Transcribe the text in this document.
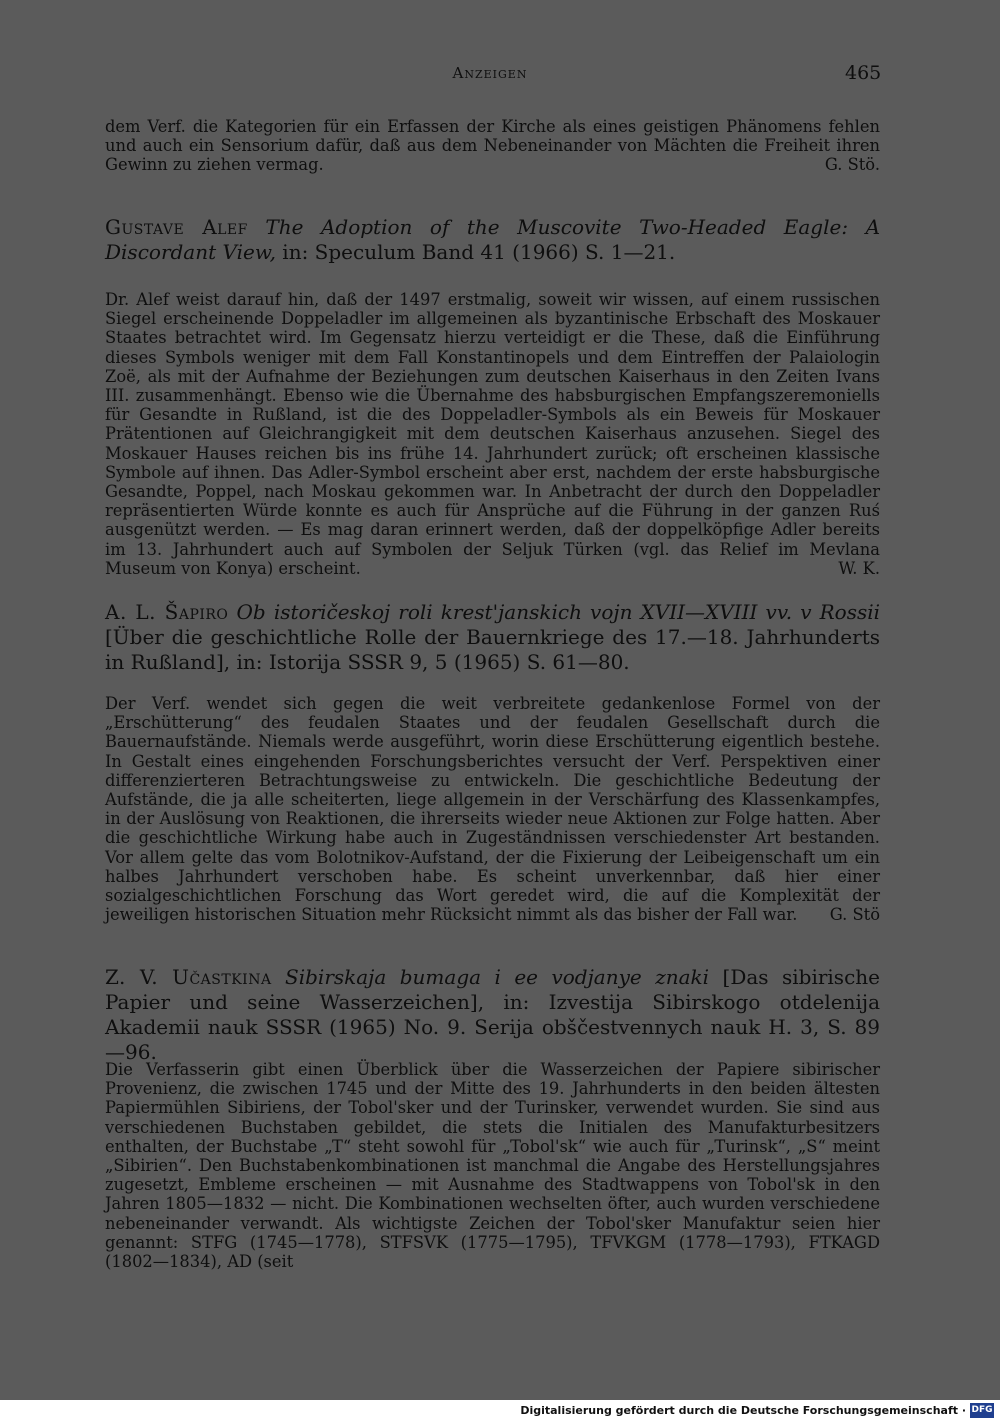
Anzeigen	465
dem Verf. die Kategorien für ein Erfassen der Kirche als eines geistigen Phänomens fehlen und auch ein Sensorium dafür, daß aus dem Nebeneinander von Mächten die Freiheit ihren Gewinn zu ziehen vermag.	G. Stö.
Gustave Alef The Adoption of the Muscovite Two-Headed Eagle: A Discordant View, in: Speculum Band 41 (1966) S. 1—21.
Dr. Alef weist darauf hin, daß der 1497 erstmalig, soweit wir wissen, auf einem russischen Siegel erscheinende Doppeladler im allgemeinen als byzantinische Erbschaft des Moskauer Staates betrachtet wird. Im Gegensatz hierzu verteidigt er die These, daß die Einführung dieses Symbols weniger mit dem Fall Konstantinopels und dem Eintreffen der Palaiologin Zoë, als mit der Aufnahme der Beziehungen zum deutschen Kaiserhaus in den Zeiten Ivans III. zusammenhängt. Ebenso wie die Übernahme des habsburgischen Empfangszeremoniells für Gesandte in Rußland, ist die des Doppeladler-Symbols als ein Beweis für Moskauer Prätentionen auf Gleichrangigkeit mit dem deutschen Kaiserhaus anzusehen. Siegel des Moskauer Hauses reichen bis ins frühe 14. Jahrhundert zurück; oft erscheinen klassische Symbole auf ihnen. Das Adler-Symbol erscheint aber erst, nachdem der erste habsburgische Gesandte, Poppel, nach Moskau gekommen war. In Anbetracht der durch den Doppeladler repräsentierten Würde konnte es auch für Ansprüche auf die Führung in der ganzen Ruś ausgenützt werden. — Es mag daran erinnert werden, daß der doppelköpfige Adler bereits im 13. Jahrhundert auch auf Symbolen der Seljuk Türken (vgl. das Relief im Mevlana Museum von Konya) erscheint.	W. K.
A. L. Šapiro Ob istoričeskoj roli krest'janskich vojn XVII—XVIII vv. v Rossii [Über die geschichtliche Rolle der Bauernkriege des 17.—18. Jahrhunderts in Rußland], in: Istorija SSSR 9, 5 (1965) S. 61—80.
Der Verf. wendet sich gegen die weit verbreitete gedankenlose Formel von der „Erschütterung“ des feudalen Staates und der feudalen Gesellschaft durch die Bauernaufstände. Niemals werde ausgeführt, worin diese Erschütterung eigentlich bestehe. In Gestalt eines eingehenden Forschungsberichtes versucht der Verf. Perspektiven einer differenzierteren Betrachtungsweise zu entwickeln. Die geschichtliche Bedeutung der Aufstände, die ja alle scheiterten, liege allgemein in der Verschärfung des Klassenkampfes, in der Auslösung von Reaktionen, die ihrerseits wieder neue Aktionen zur Folge hatten. Aber die geschichtliche Wirkung habe auch in Zugeständnissen verschiedenster Art bestanden. Vor allem gelte das vom Bolotnikov-Aufstand, der die Fixierung der Leibeigenschaft um ein halbes Jahrhundert verschoben habe. Es scheint unverkennbar, daß hier einer sozialgeschichtlichen Forschung das Wort geredet wird, die auf die Komplexität der jeweiligen historischen Situation mehr Rücksicht nimmt als das bisher der Fall war. G. Stö
Z. V. Učastkina Sibirskaja bumaga i ee vodjanye znaki [Das sibirische Papier und seine Wasserzeichen], in: Izvestija Sibirskogo otdelenija Akademii nauk SSSR (1965) No. 9. Serija obščestvennych nauk H. 3, S. 89—96.
Die Verfasserin gibt einen Überblick über die Wasserzeichen der Papiere sibirischer Provenienz, die zwischen 1745 und der Mitte des 19. Jahrhunderts in den beiden ältesten Papiermühlen Sibiriens, der Tobol'sker und der Turinsker, verwendet wurden. Sie sind aus verschiedenen Buchstaben gebildet, die stets die Initialen des Manufakturbesitzers enthalten, der Buchstabe „T“ steht sowohl für „Tobol'sk“ wie auch für „Turinsk“, „S“ meint „Sibirien“. Den Buchstabenkombinationen ist manchmal die Angabe des Herstellungsjahres zugesetzt, Embleme erscheinen — mit Ausnahme des Stadtwappens von Tobol'sk in den Jahren 1805—1832 — nicht. Die Kombinationen wechselten öfter, auch wurden verschiedene nebeneinander verwandt. Als wichtigste Zeichen der Tobol'sker Manufaktur seien hier genannt: STFG (1745—1778), STFSVK (1775—1795), TFVKGM (1778—1793), FTKAGD (1802—1834), AD (seit
Digitalisierung gefördert durch die Deutsche Forschungsgemeinschaft · DFG
